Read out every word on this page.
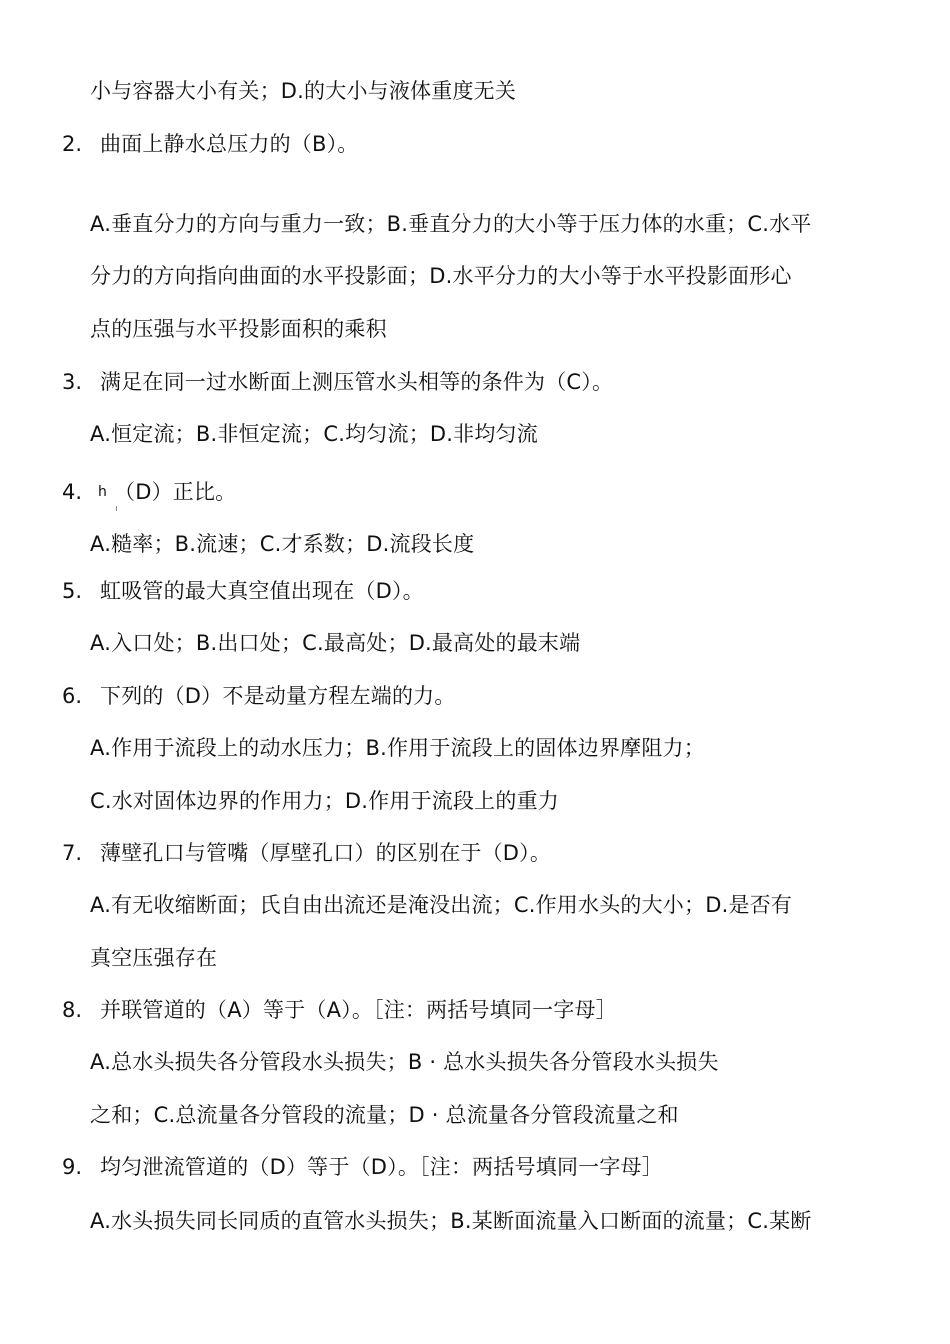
小与容器大小有关；D.的大小与液体重度无关
2. 曲面上静水总压力的（B）。
A.垂直分力的方向与重力一致；B.垂直分力的大小等于压力体的水重；C.水平
分力的方向指向曲面的水平投影面；D.水平分力的大小等于水平投影面形心
点的压强与水平投影面积的乘积
3. 满足在同一过水断面上测压管水头相等的条件为（C）。
A.恒定流；B.非恒定流；C.均匀流；D.非均匀流
4. h （D）正比。
A.糙率；B.流速；C.才系数；D.流段长度
5. 虹吸管的最大真空值出现在（D）。
A.入口处；B.出口处；C.最高处；D.最高处的最末端
6. 下列的（D）不是动量方程左端的力。
A.作用于流段上的动水压力；B.作用于流段上的固体边界摩阻力；
C.水对固体边界的作用力；D.作用于流段上的重力
7. 薄壁孔口与管嘴（厚壁孔口）的区别在于（D）。
A.有无收缩断面；氏自由出流还是淹没出流；C.作用水头的大小；D.是否有
真空压强存在
8. 并联管道的（A）等于（A）。［注：两括号填同一字母］
A.总水头损失各分管段水头损失；B · 总水头损失各分管段水头损失
之和；C.总流量各分管段的流量；D · 总流量各分管段流量之和
9. 均匀泄流管道的（D）等于（D）。［注：两括号填同一字母］
A.水头损失同长同质的直管水头损失；B.某断面流量入口断面的流量；C.某断
